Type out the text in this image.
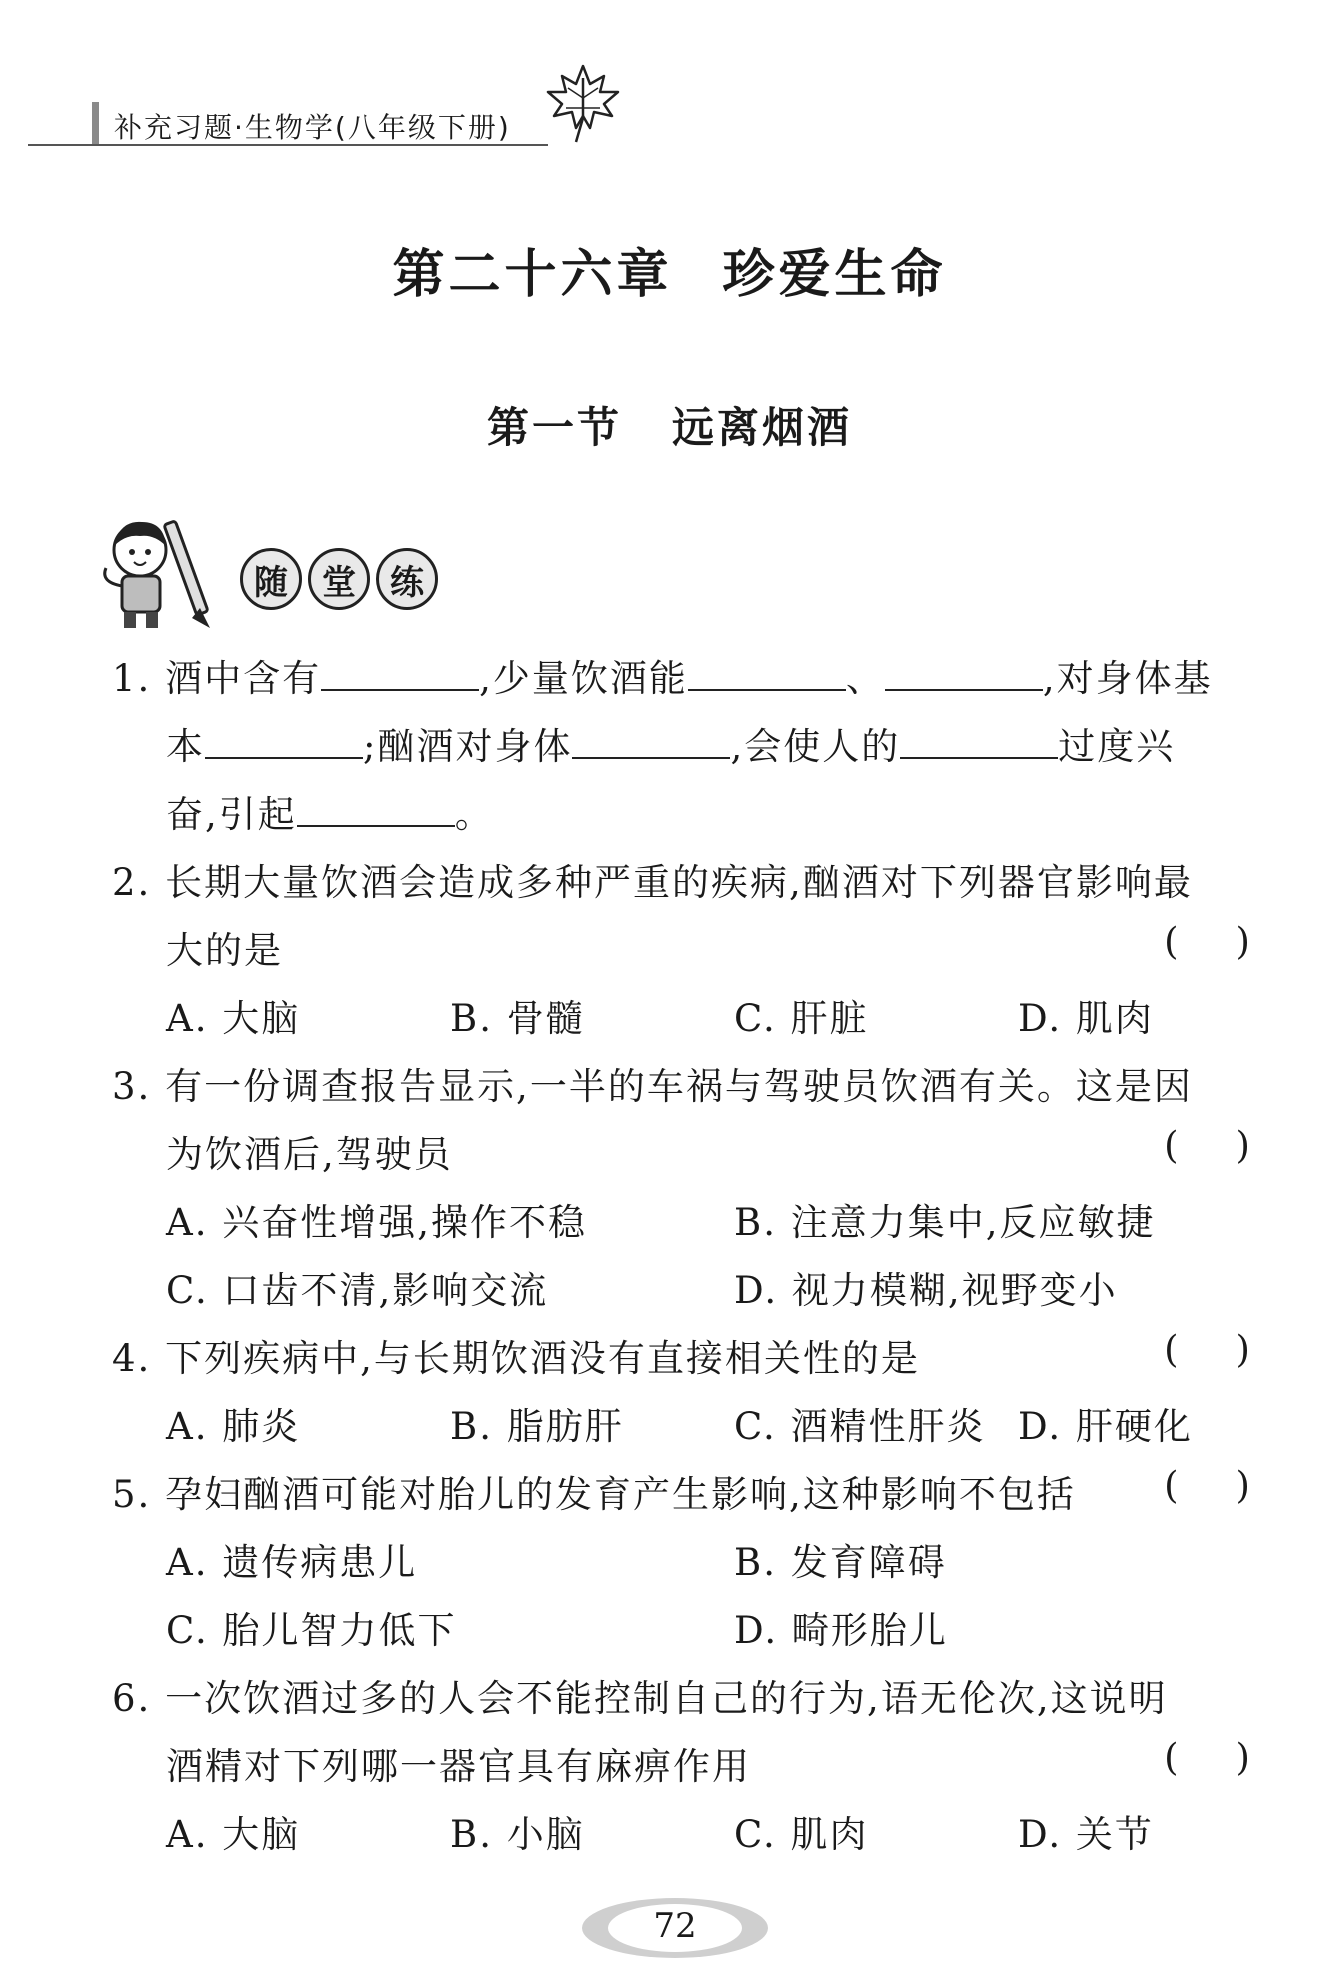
补充习题·生物学(八年级下册)
第二十六章 珍爱生命
第一节 远离烟酒
随	堂	练
1. 酒中含有	,少量饮酒能	、	,对身体基
本	;酗酒对身体	,会使人的	过度兴
奋,引起	。
2. 长期大量饮酒会造成多种严重的疾病,酗酒对下列器官影响最
大的是	(    )
A. 大脑	B. 骨髓	C. 肝脏	D. 肌肉
3. 有一份调查报告显示,一半的车祸与驾驶员饮酒有关。这是因
为饮酒后,驾驶员	(    )
A. 兴奋性增强,操作不稳	B. 注意力集中,反应敏捷
C. 口齿不清,影响交流	D. 视力模糊,视野变小
4. 下列疾病中,与长期饮酒没有直接相关性的是	(    )
A. 肺炎	B. 脂肪肝	C. 酒精性肝炎 D. 肝硬化
5. 孕妇酗酒可能对胎儿的发育产生影响,这种影响不包括 (    )
A. 遗传病患儿	B. 发育障碍
C. 胎儿智力低下	D. 畸形胎儿
6. 一次饮酒过多的人会不能控制自己的行为,语无伦次,这说明
酒精对下列哪一器官具有麻痹作用	(    )
A. 大脑	B. 小脑	C. 肌肉	D. 关节
72
